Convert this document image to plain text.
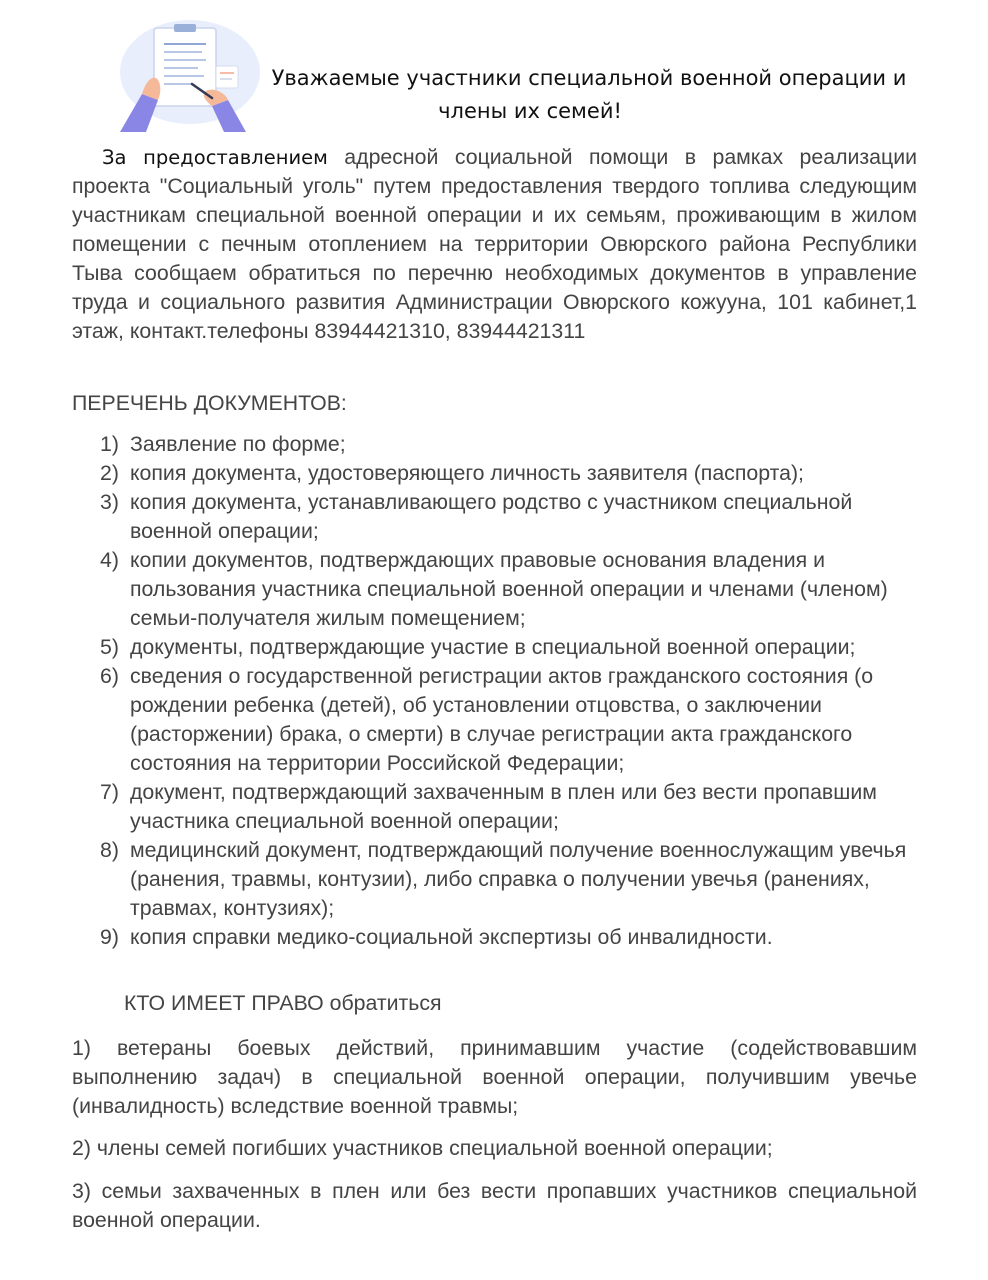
Уважаемые участники специальной военной операции и
члены их семей!

За предоставлением адресной социальной помощи в рамках реализации проекта "Социальный уголь" путем предоставления твердого топлива следующим участникам специальной военной операции и их семьям, проживающим в жилом помещении с печным отоплением на территории Овюрского района Республики Тыва сообщаем обратиться по перечню необходимых документов в управление труда и социального развития Администрации Овюрского кожууна, 101 кабинет,1 этаж, контакт.телефоны 83944421310, 83944421311

ПЕРЕЧЕНЬ ДОКУМЕНТОВ:
1) Заявление по форме;
2) копия документа, удостоверяющего личность заявителя (паспорта);
3) копия документа, устанавливающего родство с участником специальной военной операции;
4) копии документов, подтверждающих правовые основания владения и пользования участника специальной военной операции и членами (членом) семьи-получателя жилым помещением;
5) документы, подтверждающие участие в специальной военной операции;
6) сведения о государственной регистрации актов гражданского состояния (о рождении ребенка (детей), об установлении отцовства, о заключении (расторжении) брака, о смерти) в случае регистрации акта гражданского состояния на территории Российской Федерации;
7) документ, подтверждающий захваченным в плен или без вести пропавшим участника специальной военной операции;
8) медицинский документ, подтверждающий получение военнослужащим увечья (ранения, травмы, контузии), либо справка о получении увечья (ранениях, травмах, контузиях);
9) копия справки медико-социальной экспертизы об инвалидности.
КТО ИМЕЕТ ПРАВО обратиться

1) ветераны боевых действий, принимавшим участие (содействовавшим выполнению задач) в специальной военной операции, получившим увечье (инвалидность) вследствие военной травмы;

2) члены семей погибших участников специальной военной операции;

3) семьи захваченных в плен или без вести пропавших участников специальной военной операции.
